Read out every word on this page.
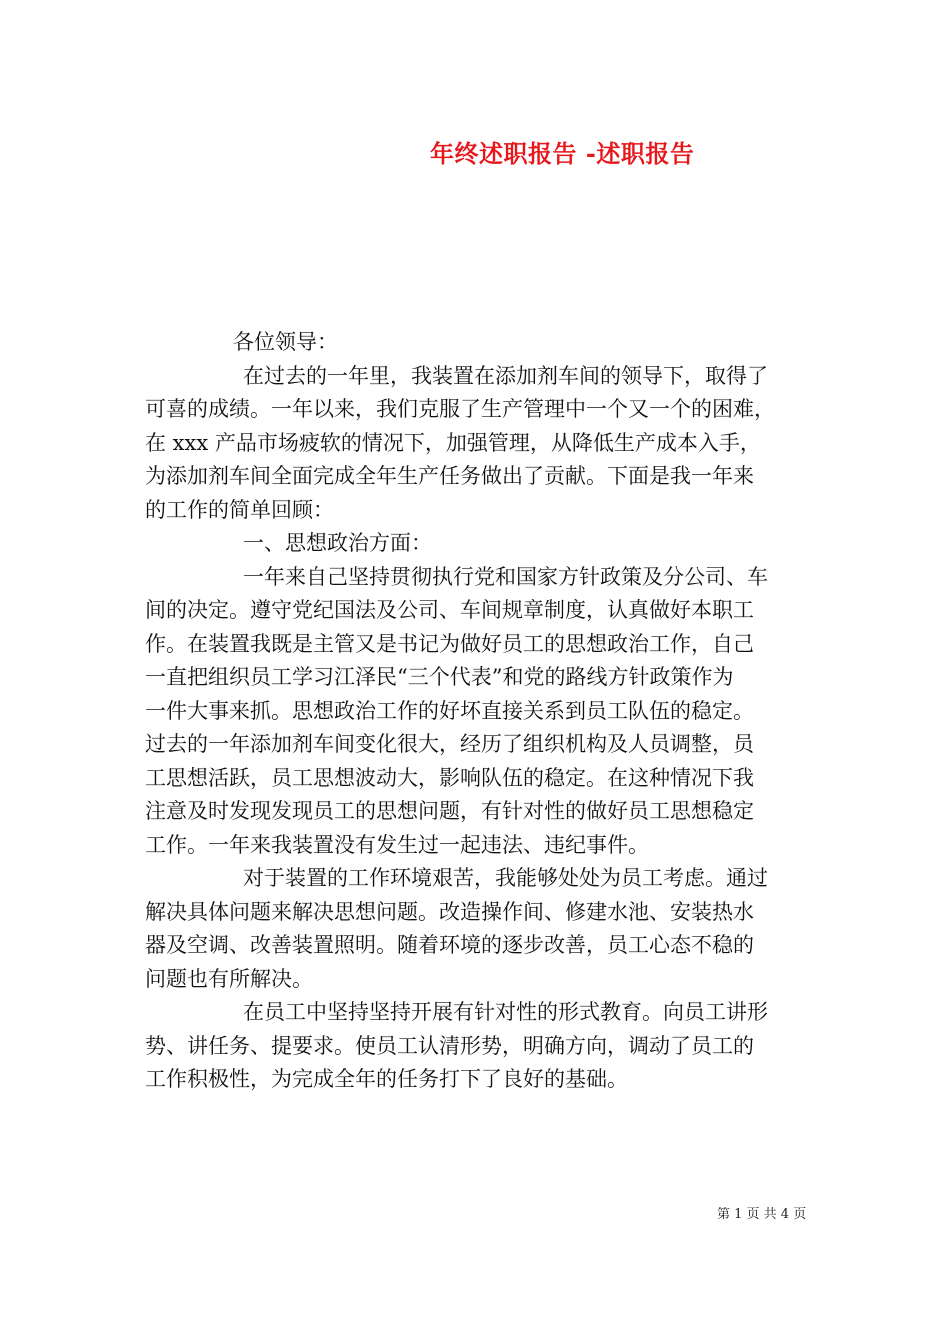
年终述职报告 -述职报告
各位领导：
在过去的一年里，我装置在添加剂车间的领导下，取得了
可喜的成绩。一年以来，我们克服了生产管理中一个又一个的困难，
在 xxx 产品市场疲软的情况下，加强管理，从降低生产成本入手，
为添加剂车间全面完成全年生产任务做出了贡献。下面是我一年来
的工作的简单回顾：
一、思想政治方面：
一年来自己坚持贯彻执行党和国家方针政策及分公司、车
间的决定。遵守党纪国法及公司、车间规章制度，认真做好本职工
作。在装置我既是主管又是书记为做好员工的思想政治工作，自己
一直把组织员工学习江泽民“三个代表”和党的路线方针政策作为
一件大事来抓。思想政治工作的好坏直接关系到员工队伍的稳定。
过去的一年添加剂车间变化很大，经历了组织机构及人员调整，员
工思想活跃，员工思想波动大，影响队伍的稳定。在这种情况下我
注意及时发现发现员工的思想问题，有针对性的做好员工思想稳定
工作。一年来我装置没有发生过一起违法、违纪事件。
对于装置的工作环境艰苦，我能够处处为员工考虑。通过
解决具体问题来解决思想问题。改造操作间、修建水池、安装热水
器及空调、改善装置照明。随着环境的逐步改善，员工心态不稳的
问题也有所解决。
在员工中坚持坚持开展有针对性的形式教育。向员工讲形
势、讲任务、提要求。使员工认清形势，明确方向，调动了员工的
工作积极性，为完成全年的任务打下了良好的基础。
第 1 页 共 4 页
